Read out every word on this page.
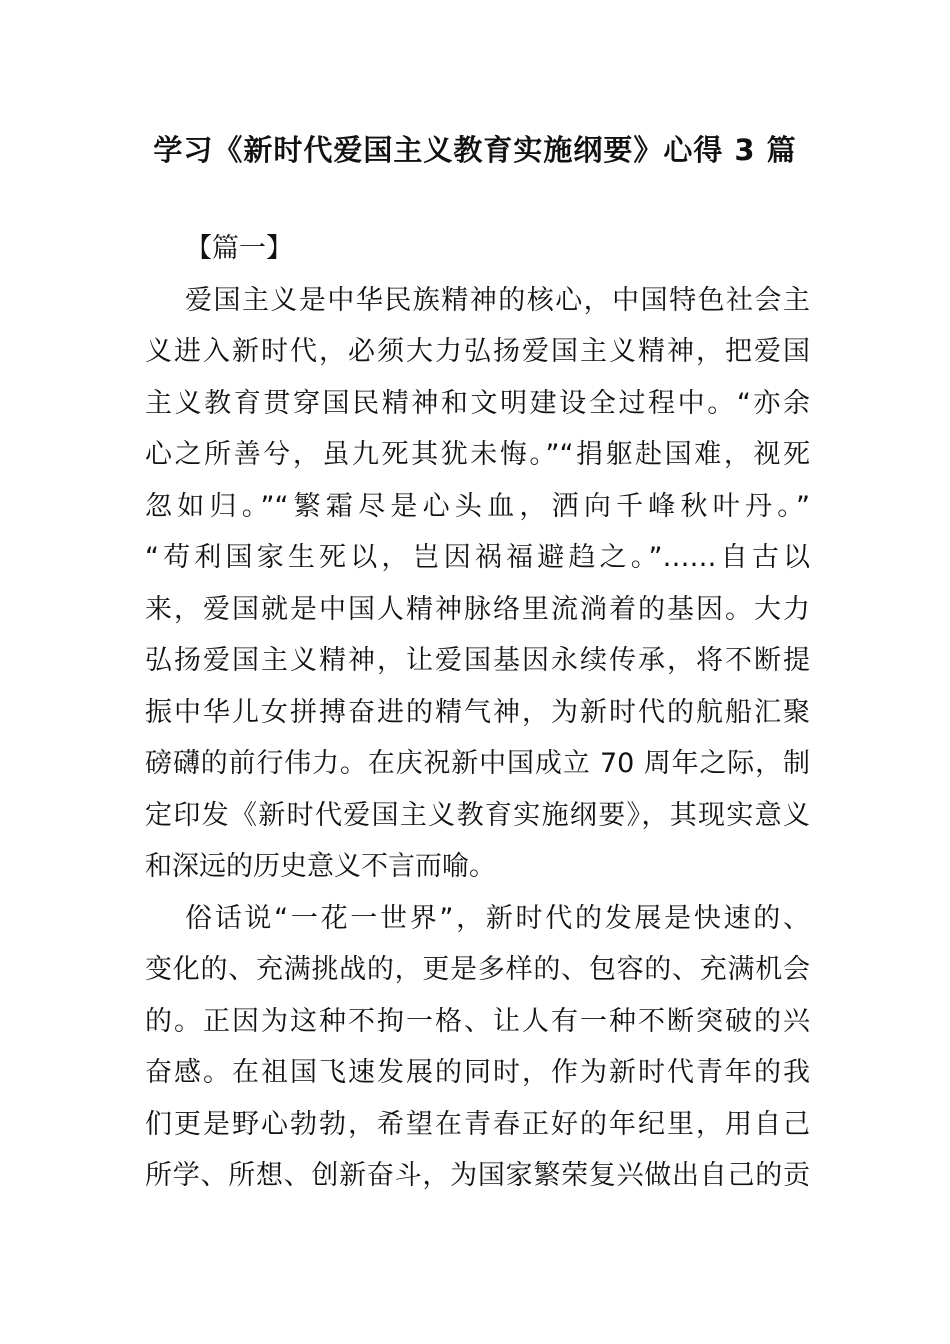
学习《新时代爱国主义教育实施纲要》心得 3 篇
【篇一】
爱国主义是中华民族精神的核心，中国特色社会主
义进入新时代，必须大力弘扬爱国主义精神，把爱国
主义教育贯穿国民精神和文明建设全过程中。“亦余
心之所善兮，虽九死其犹未悔。”“捐躯赴国难，视死
忽如归。”“繁霜尽是心头血，洒向千峰秋叶丹。”
“苟利国家生死以，岂因祸福避趋之。”……自古以
来，爱国就是中国人精神脉络里流淌着的基因。大力
弘扬爱国主义精神，让爱国基因永续传承，将不断提
振中华儿女拼搏奋进的精气神，为新时代的航船汇聚
磅礴的前行伟力。在庆祝新中国成立 70 周年之际，制
定印发《新时代爱国主义教育实施纲要》，其现实意义
和深远的历史意义不言而喻。
俗话说“一花一世界”，新时代的发展是快速的、
变化的、充满挑战的，更是多样的、包容的、充满机会
的。正因为这种不拘一格、让人有一种不断突破的兴
奋感。在祖国飞速发展的同时，作为新时代青年的我
们更是野心勃勃，希望在青春正好的年纪里，用自己
所学、所想、创新奋斗，为国家繁荣复兴做出自己的贡
